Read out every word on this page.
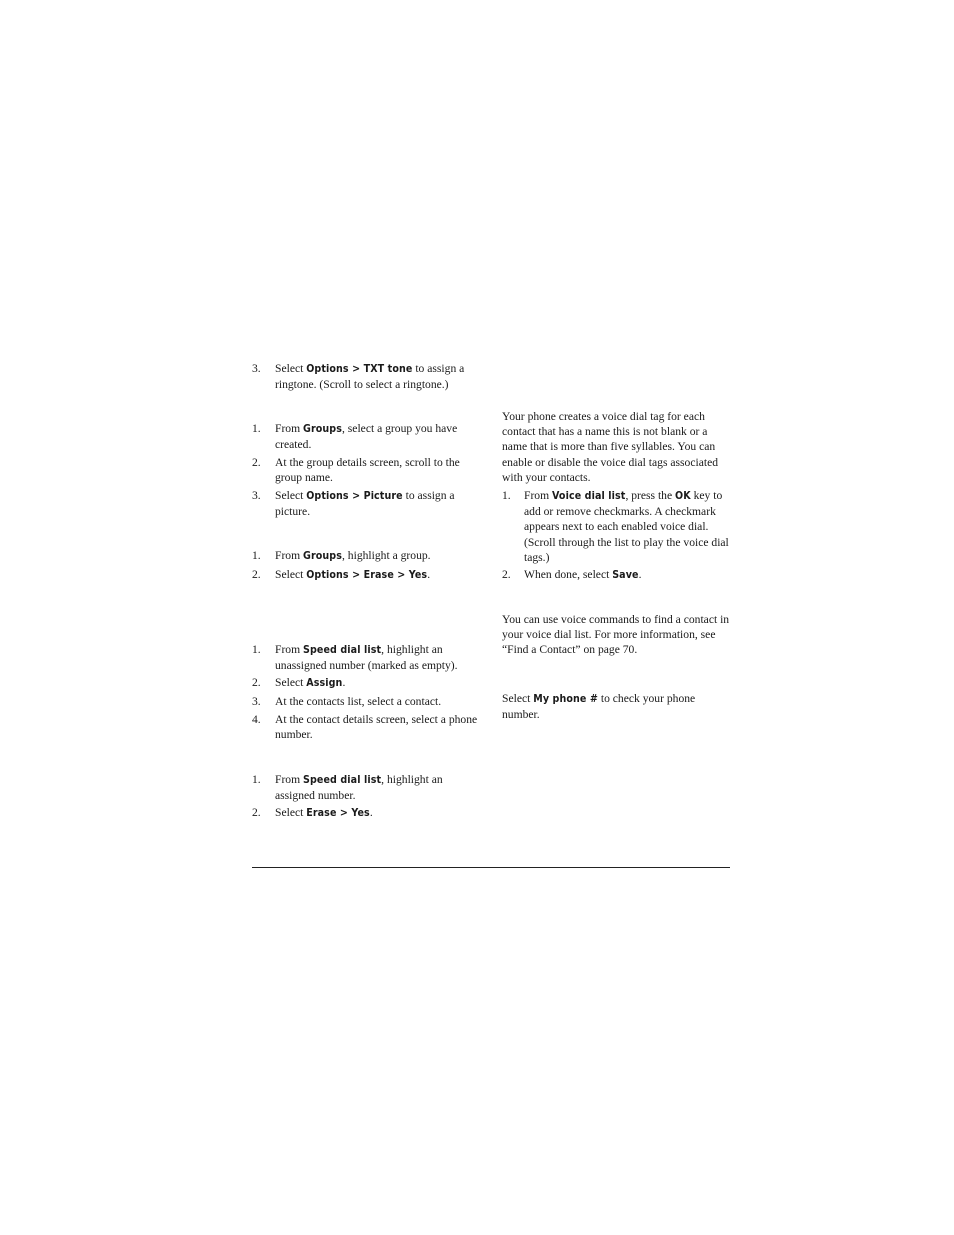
3.	Select Options > TXT tone to assign a ringtone. (Scroll to select a ringtone.)
1.	From Groups, select a group you have created.
2.	At the group details screen, scroll to the group name.
3.	Select Options > Picture to assign a picture.
1.	From Groups, highlight a group.
2.	Select Options > Erase > Yes.
1.	From Speed dial list, highlight an unassigned number (marked as empty).
2.	Select Assign.
3.	At the contacts list, select a contact.
4.	At the contact details screen, select a phone number.
1.	From Speed dial list, highlight an assigned number.
2.	Select Erase > Yes.
Your phone creates a voice dial tag for each contact that has a name this is not blank or a name that is more than five syllables. You can enable or disable the voice dial tags associated with your contacts.
1.	From Voice dial list, press the OK key to add or remove checkmarks. A checkmark appears next to each enabled voice dial. (Scroll through the list to play the voice dial tags.)
2.	When done, select Save.
You can use voice commands to find a contact in your voice dial list. For more information, see “Find a Contact” on page 70.
Select My phone # to check your phone number.
